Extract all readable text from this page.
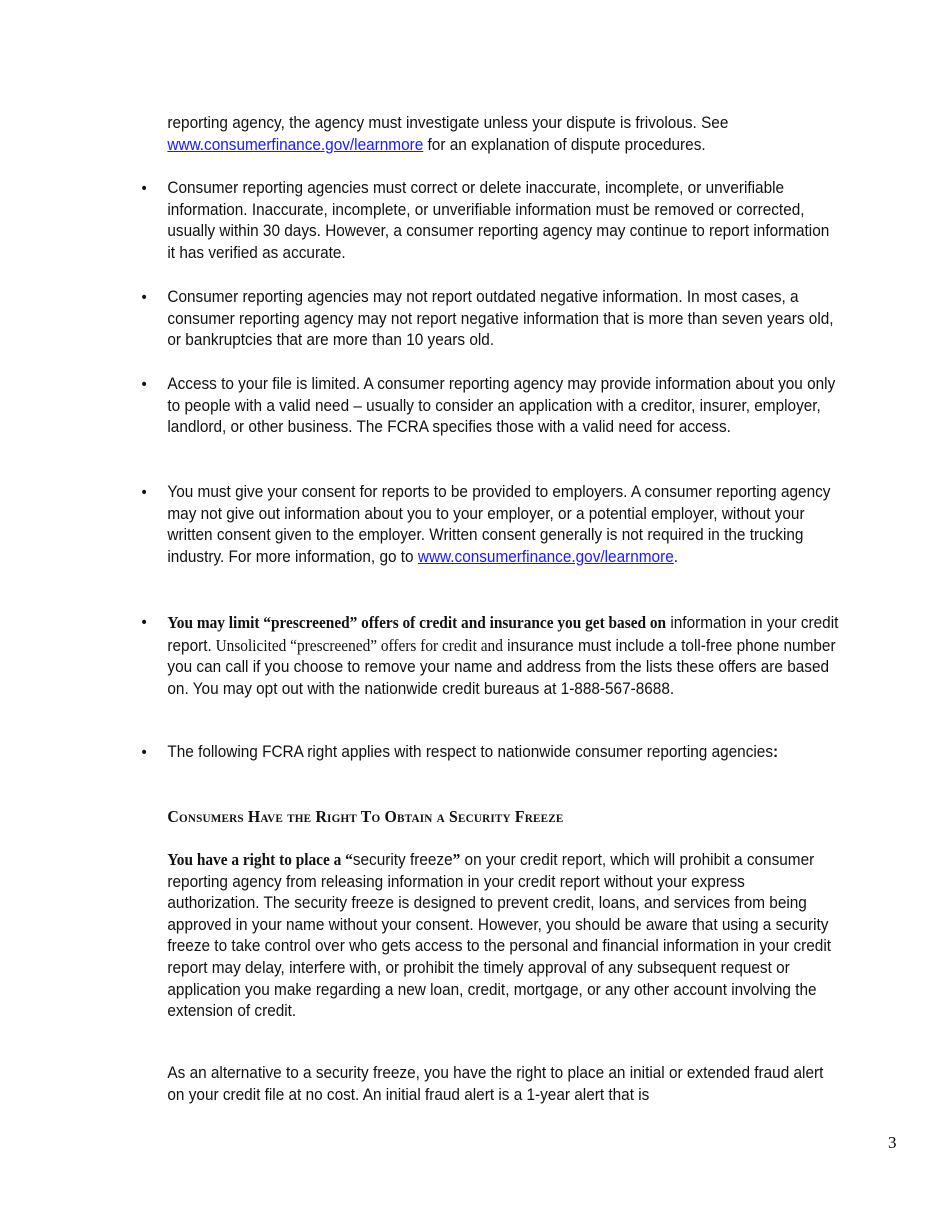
reporting agency, the agency must investigate unless your dispute is frivolous. See www.consumerfinance.gov/learnmore for an explanation of dispute procedures.

• Consumer reporting agencies must correct or delete inaccurate, incomplete, or unverifiable information. Inaccurate, incomplete, or unverifiable information must be removed or corrected, usually within 30 days. However, a consumer reporting agency may continue to report information it has verified as accurate.

• Consumer reporting agencies may not report outdated negative information. In most cases, a consumer reporting agency may not report negative information that is more than seven years old, or bankruptcies that are more than 10 years old.

• Access to your file is limited. A consumer reporting agency may provide information about you only to people with a valid need – usually to consider an application with a creditor, insurer, employer, landlord, or other business. The FCRA specifies those with a valid need for access.

• You must give your consent for reports to be provided to employers. A consumer reporting agency may not give out information about you to your employer, or a potential employer, without your written consent given to the employer. Written consent generally is not required in the trucking industry. For more information, go to www.consumerfinance.gov/learnmore.

• You may limit “prescreened” offers of credit and insurance you get based on information in your credit report. Unsolicited “prescreened” offers for credit and insurance must include a toll-free phone number you can call if you choose to remove your name and address from the lists these offers are based on. You may opt out with the nationwide credit bureaus at 1-888-567-8688.

• The following FCRA right applies with respect to nationwide consumer reporting agencies:

Consumers Have the Right To Obtain a Security Freeze

You have a right to place a “security freeze” on your credit report, which will prohibit a consumer reporting agency from releasing information in your credit report without your express authorization. The security freeze is designed to prevent credit, loans, and services from being approved in your name without your consent. However, you should be aware that using a security freeze to take control over who gets access to the personal and financial information in your credit report may delay, interfere with, or prohibit the timely approval of any subsequent request or application you make regarding a new loan, credit, mortgage, or any other account involving the extension of credit.

As an alternative to a security freeze, you have the right to place an initial or extended fraud alert on your credit file at no cost. An initial fraud alert is a 1-year alert that is

3
